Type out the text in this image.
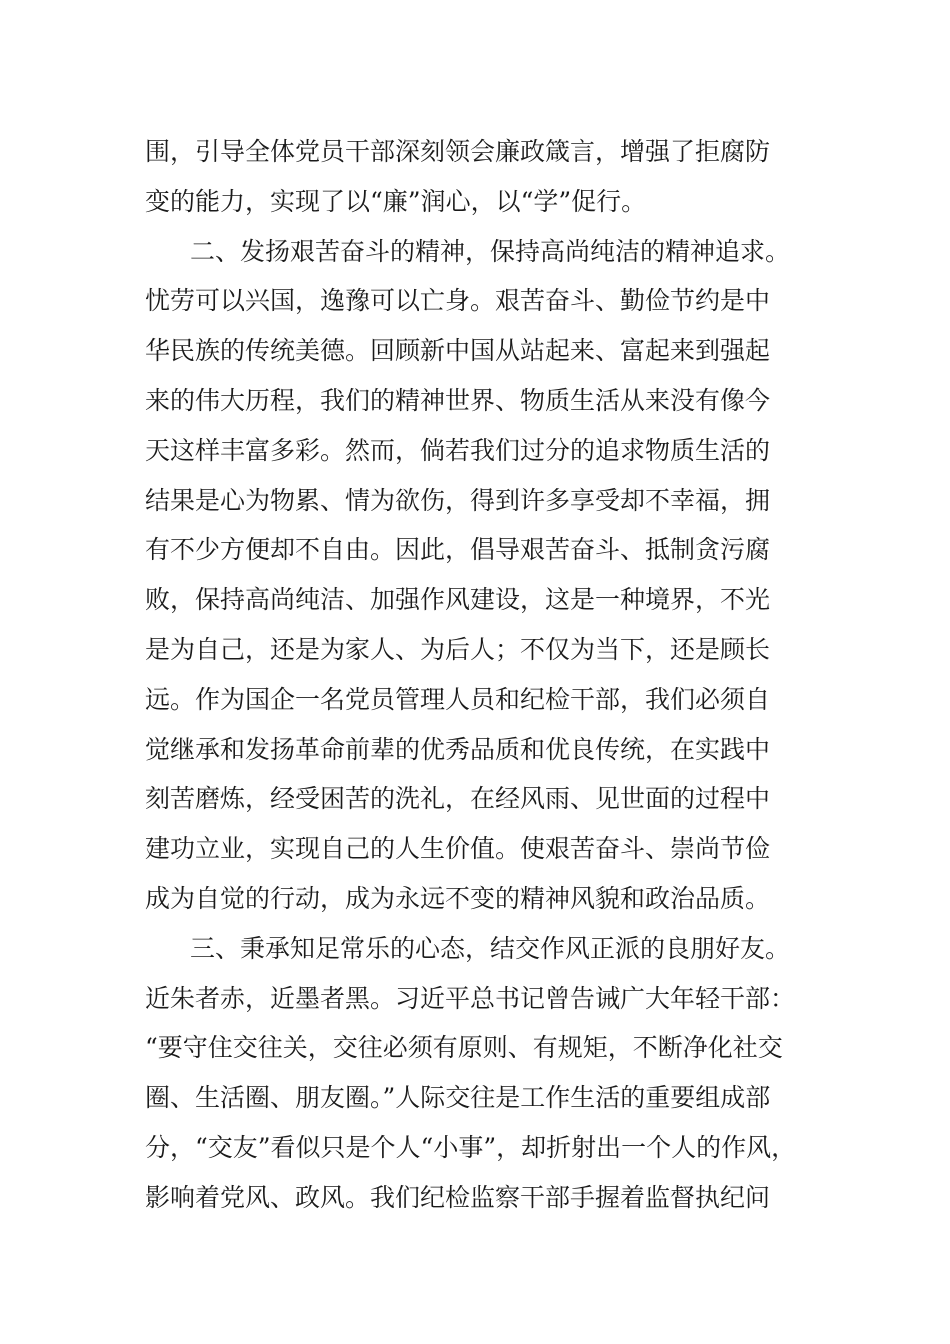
围，引导全体党员干部深刻领会廉政箴言，增强了拒腐防
变的能力，实现了以“廉”润心，以“学”促行。
二、发扬艰苦奋斗的精神，保持高尚纯洁的精神追求。
忧劳可以兴国，逸豫可以亡身。艰苦奋斗、勤俭节约是中
华民族的传统美德。回顾新中国从站起来、富起来到强起
来的伟大历程，我们的精神世界、物质生活从来没有像今
天这样丰富多彩。然而，倘若我们过分的追求物质生活的
结果是心为物累、情为欲伤，得到许多享受却不幸福，拥
有不少方便却不自由。因此，倡导艰苦奋斗、抵制贪污腐
败，保持高尚纯洁、加强作风建设，这是一种境界，不光
是为自己，还是为家人、为后人；不仅为当下，还是顾长
远。作为国企一名党员管理人员和纪检干部，我们必须自
觉继承和发扬革命前辈的优秀品质和优良传统，在实践中
刻苦磨炼，经受困苦的洗礼，在经风雨、见世面的过程中
建功立业，实现自己的人生价值。使艰苦奋斗、崇尚节俭
成为自觉的行动，成为永远不变的精神风貌和政治品质。
三、秉承知足常乐的心态，结交作风正派的良朋好友。
近朱者赤，近墨者黑。习近平总书记曾告诫广大年轻干部：
“要守住交往关，交往必须有原则、有规矩，不断净化社交
圈、生活圈、朋友圈。”人际交往是工作生活的重要组成部
分，“交友”看似只是个人“小事”，却折射出一个人的作风，
影响着党风、政风。我们纪检监察干部手握着监督执纪问
